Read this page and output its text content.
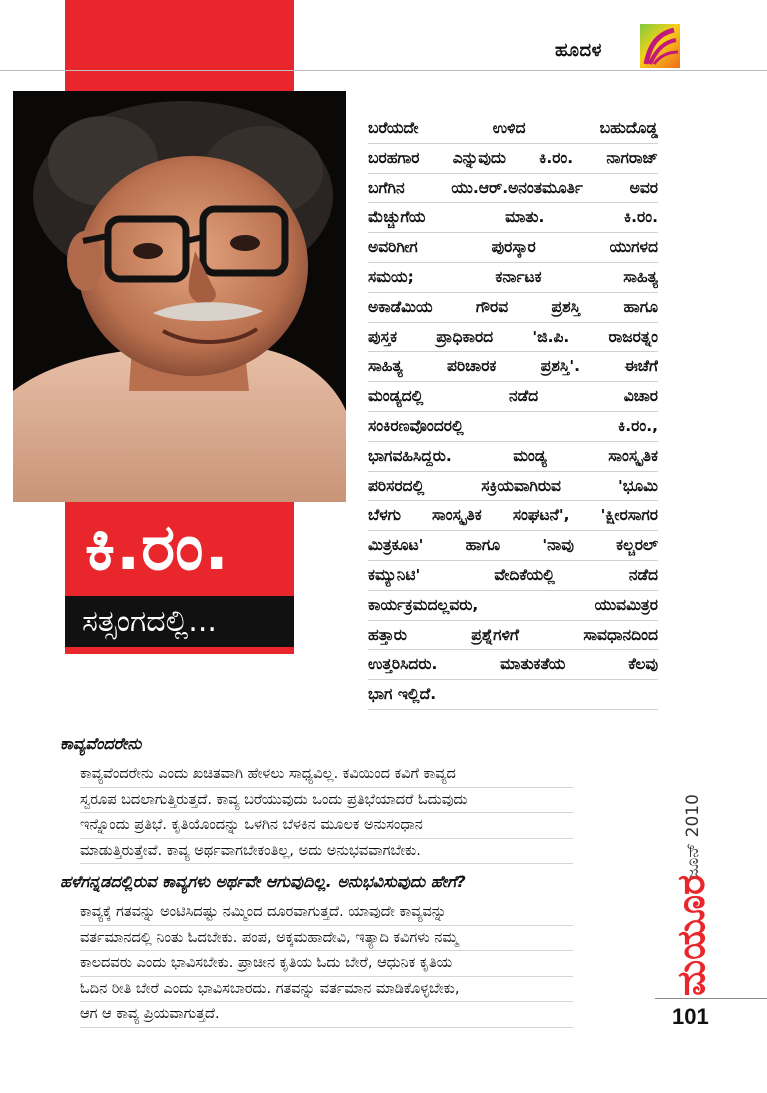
ಹೂದಳ
ಕಿ.ರಂ.
ಸತ್ಸಂಗದಲ್ಲಿ...
ಬರೆಯದೇ ಉಳಿದ ಬಹುದೊಡ್ಡ
ಬರಹಗಾರ ಎನ್ನುವುದು ಕಿ.ರಂ. ನಾಗರಾಜ್
ಬಗೆಗಿನ ಯು.ಆರ್.ಅನಂತಮೂರ್ತಿ ಅವರ
ಮೆಚ್ಚುಗೆಯ ಮಾತು. ಕಿ.ರಂ.
ಅವರಿಗೀಗ ಪುರಸ್ಕಾರ ಯುಗಳದ
ಸಮಯ; ಕರ್ನಾಟಕ ಸಾಹಿತ್ಯ
ಅಕಾಡೆಮಿಯ ಗೌರವ ಪ್ರಶಸ್ತಿ ಹಾಗೂ
ಪುಸ್ತಕ ಪ್ರಾಧಿಕಾರದ 'ಜಿ.ಪಿ. ರಾಜರತ್ನಂ
ಸಾಹಿತ್ಯ ಪರಿಚಾರಕ ಪ್ರಶಸ್ತಿ'. ಈಚೆಗೆ
ಮಂಡ್ಯದಲ್ಲಿ ನಡೆದ ವಿಚಾರ
ಸಂಕಿರಣವೊಂದರಲ್ಲಿ ಕಿ.ರಂ.,
ಭಾಗವಹಿಸಿದ್ದರು. ಮಂಡ್ಯ ಸಾಂಸ್ಕೃತಿಕ
ಪರಿಸರದಲ್ಲಿ ಸಕ್ರಿಯವಾಗಿರುವ 'ಭೂಮಿ
ಬೆಳಗು ಸಾಂಸ್ಕೃತಿಕ ಸಂಘಟನೆ', 'ಕ್ಷೀರಸಾಗರ
ಮಿತ್ರಕೂಟ' ಹಾಗೂ 'ನಾವು ಕಲ್ಚರಲ್
ಕಮ್ಯುನಿಟಿ' ವೇದಿಕೆಯಲ್ಲಿ ನಡೆದ
ಕಾರ್ಯಕ್ರಮದಲ್ಲವರು, ಯುವಮಿತ್ರರ
ಹತ್ತಾರು ಪ್ರಶ್ನೆಗಳಿಗೆ ಸಾವಧಾನದಿಂದ
ಉತ್ತರಿಸಿದರು. ಮಾತುಕತೆಯ ಕೆಲವು
ಭಾಗ ಇಲ್ಲಿದೆ.
ಕಾವ್ಯವೆಂದರೇನು
ಕಾವ್ಯವೆಂದರೇನು ಎಂದು ಖಚಿತವಾಗಿ ಹೇಳಲು ಸಾಧ್ಯವಿಲ್ಲ. ಕವಿಯಿಂದ ಕವಿಗೆ ಕಾವ್ಯದ
ಸ್ವರೂಪ ಬದಲಾಗುತ್ತಿರುತ್ತದೆ. ಕಾವ್ಯ ಬರೆಯುವುದು ಒಂದು ಪ್ರತಿಭೆಯಾದರೆ ಓದುವುದು
ಇನ್ನೊಂದು ಪ್ರತಿಭೆ. ಕೃತಿಯೊಂದನ್ನು ಒಳಗಿನ ಬೆಳಕಿನ ಮೂಲಕ ಅನುಸಂಧಾನ
ಮಾಡುತ್ತಿರುತ್ತೇವೆ. ಕಾವ್ಯ ಅರ್ಥವಾಗಬೇಕಂತಿಲ್ಲ, ಅದು ಅನುಭವವಾಗಬೇಕು.
ಹಳೆಗನ್ನಡದಲ್ಲಿರುವ ಕಾವ್ಯಗಳು ಅರ್ಥವೇ ಆಗುವುದಿಲ್ಲ. ಅನುಭವಿಸುವುದು ಹೇಗೆ?
ಕಾವ್ಯಕ್ಕೆ ಗತವನ್ನು ಅಂಟಿಸಿದಷ್ಟು ನಮ್ಮಿಂದ ದೂರವಾಗುತ್ತದೆ. ಯಾವುದೇ ಕಾವ್ಯವನ್ನು
ವರ್ತಮಾನದಲ್ಲಿ ನಿಂತು ಓದಬೇಕು. ಪಂಪ, ಅಕ್ಕಮಹಾದೇವಿ, ಇತ್ಯಾದಿ ಕವಿಗಳು ನಮ್ಮ
ಕಾಲದವರು ಎಂದು ಭಾವಿಸಬೇಕು. ಪ್ರಾಚೀನ ಕೃತಿಯ ಓದು ಬೇರೆ, ಆಧುನಿಕ ಕೃತಿಯ
ಓದಿನ ರೀತಿ ಬೇರೆ ಎಂದು ಭಾವಿಸಬಾರದು. ಗತವನ್ನು ವರ್ತಮಾನ ಮಾಡಿಕೊಳ್ಳಬೇಕು,
ಆಗ ಆ ಕಾವ್ಯ ಪ್ರಿಯವಾಗುತ್ತದೆ.
ಜೂನ್ 2010
ಮಯೂರ
101
